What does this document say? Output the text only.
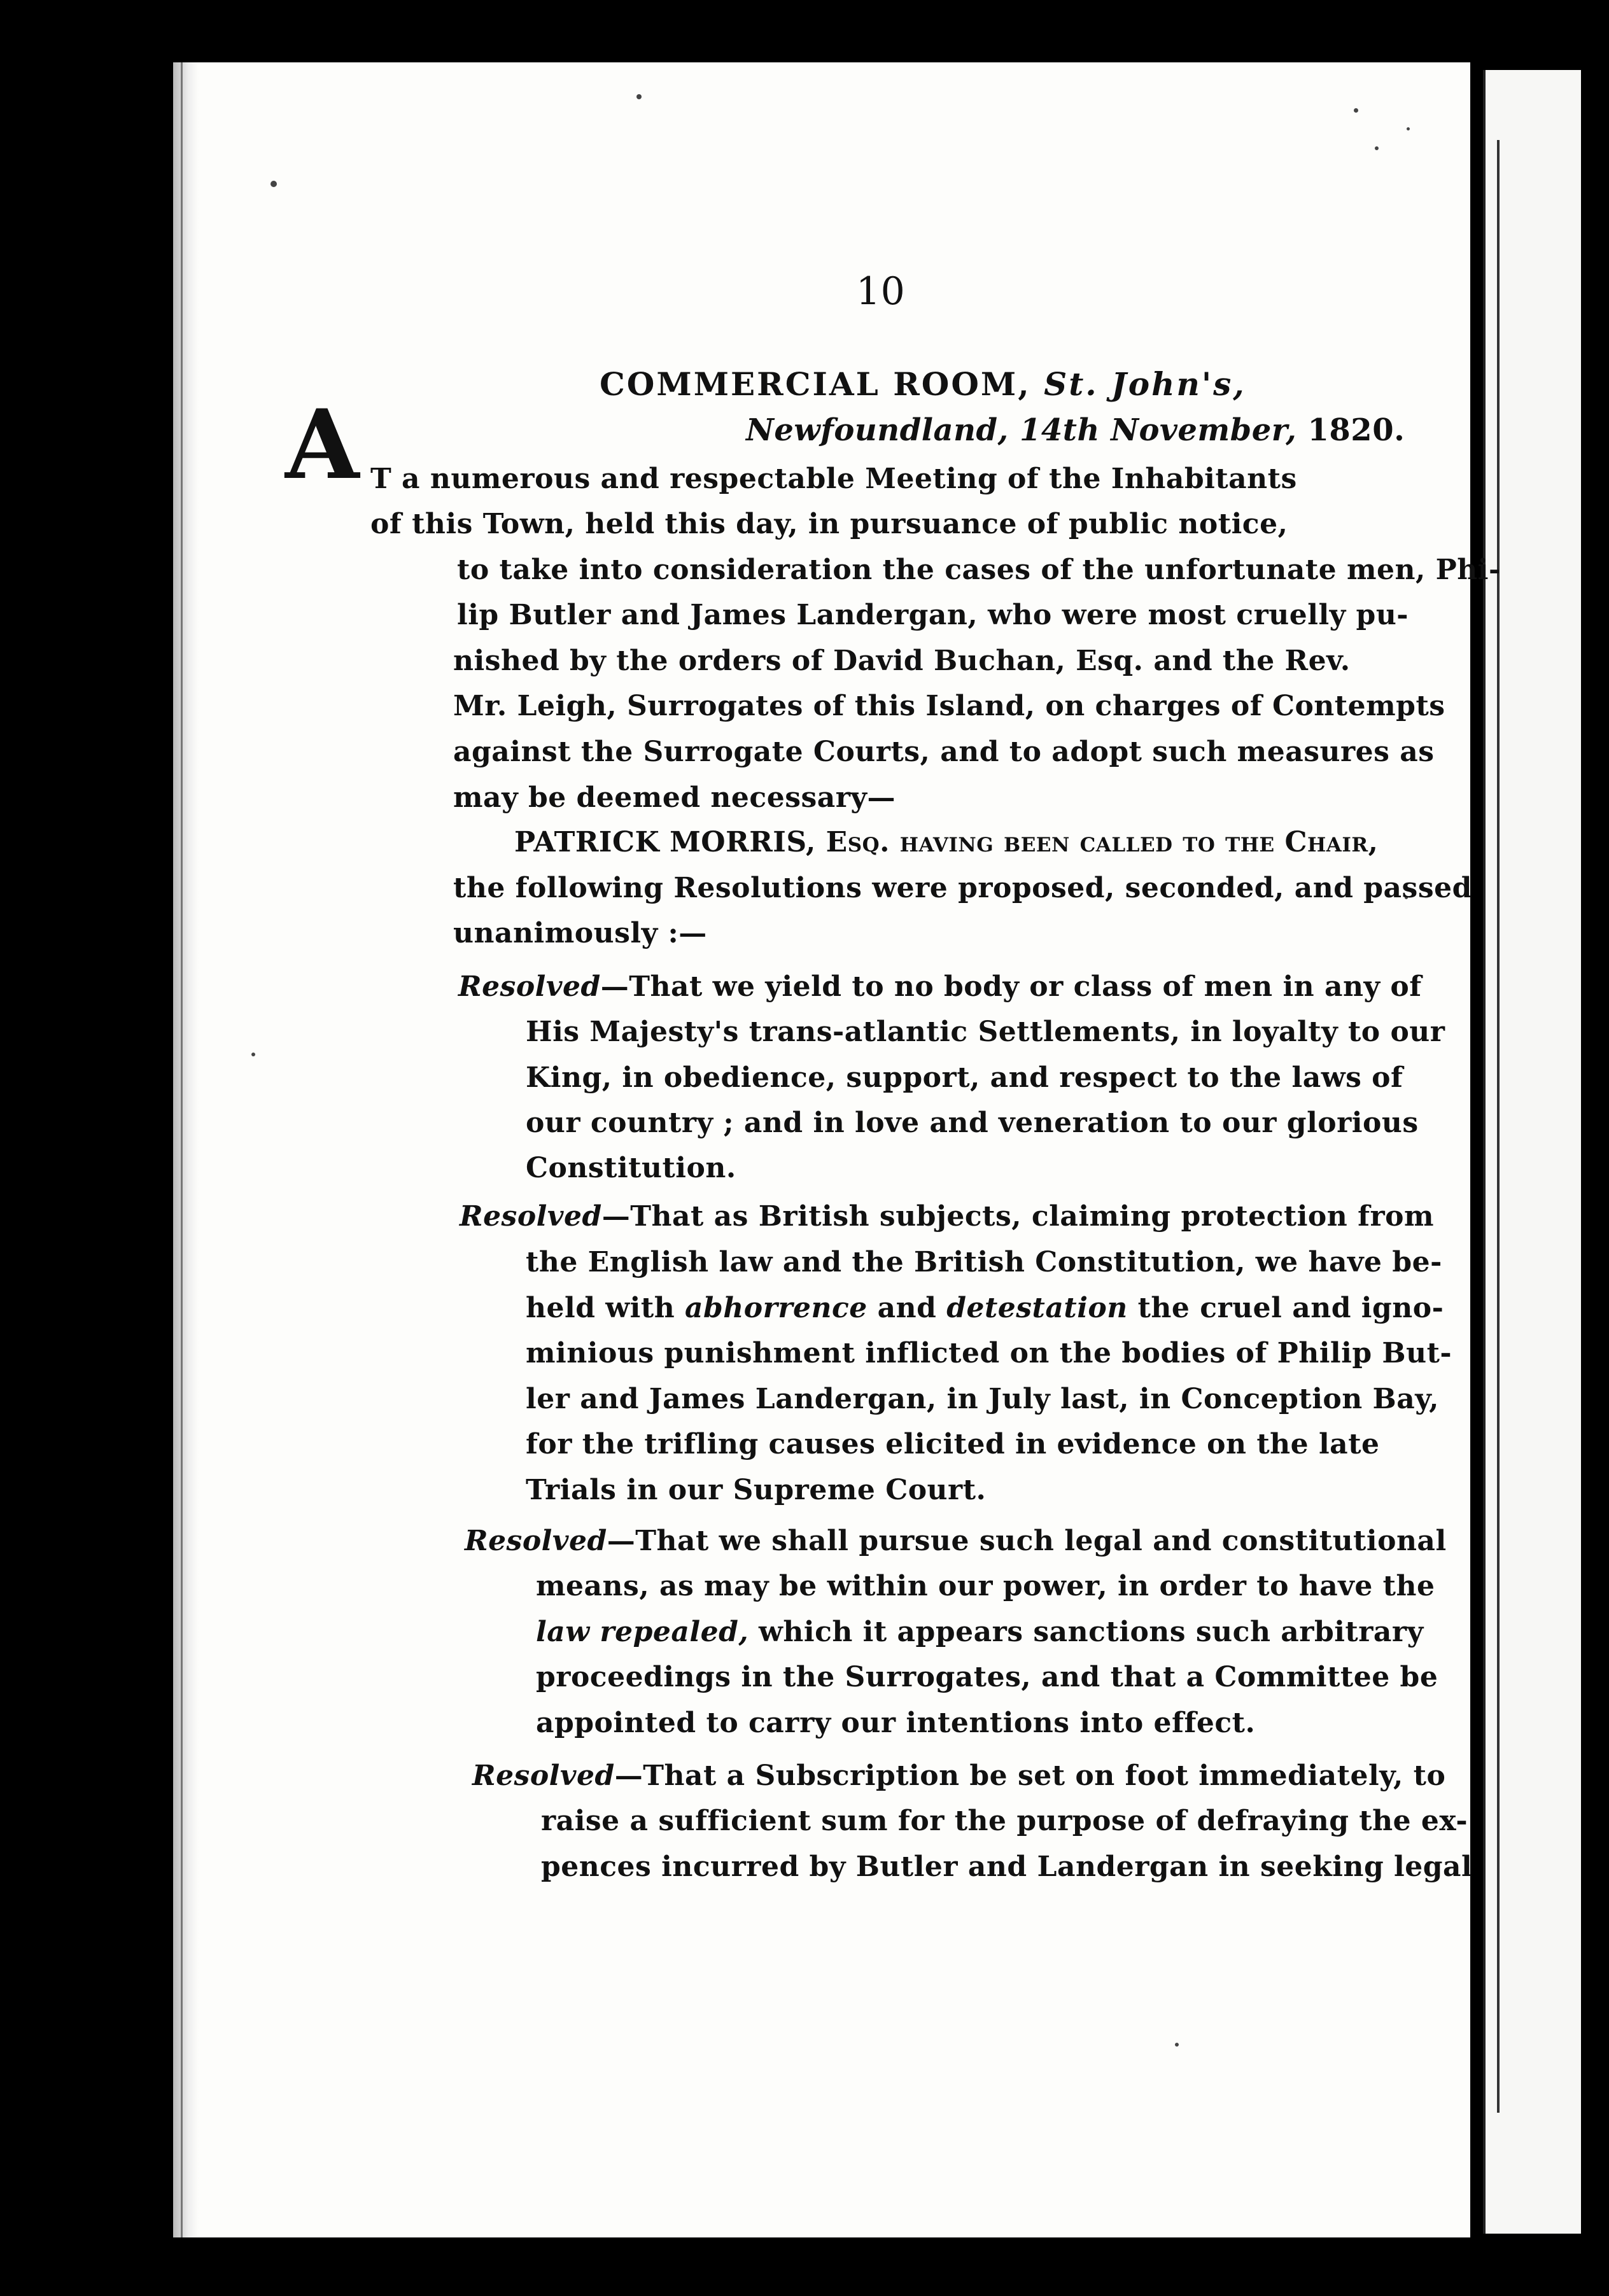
10
COMMERCIAL ROOM, St. John's,
Newfoundland, 14th November, 1820.
A T a numerous and respectable Meeting of the Inhabitants
of this Town, held this day, in pursuance of public notice,
to take into consideration the cases of the unfortunate men, Phi-
lip Butler and James Landergan, who were most cruelly pu-
nished by the orders of David Buchan, Esq. and the Rev.
Mr. Leigh, Surrogates of this Island, on charges of Contempts
against the Surrogate Courts, and to adopt such measures as
may be deemed necessary—
PATRICK MORRIS, Esq. having been called to the Chair,
the following Resolutions were proposed, seconded, and passed
unanimously :—
Resolved—That we yield to no body or class of men in any of
His Majesty's trans-atlantic Settlements, in loyalty to our
King, in obedience, support, and respect to the laws of
our country ; and in love and veneration to our glorious
Constitution.
Resolved—That as British subjects, claiming protection from
the English law and the British Constitution, we have be-
held with abhorrence and detestation the cruel and igno-
minious punishment inflicted on the bodies of Philip But-
ler and James Landergan, in July last, in Conception Bay,
for the trifling causes elicited in evidence on the late
Trials in our Supreme Court.
Resolved—That we shall pursue such legal and constitutional
means, as may be within our power, in order to have the
law repealed, which it appears sanctions such arbitrary
proceedings in the Surrogates, and that a Committee be
appointed to carry our intentions into effect.
Resolved—That a Subscription be set on foot immediately, to
raise a sufficient sum for the purpose of defraying the ex-
pences incurred by Butler and Landergan in seeking legal
